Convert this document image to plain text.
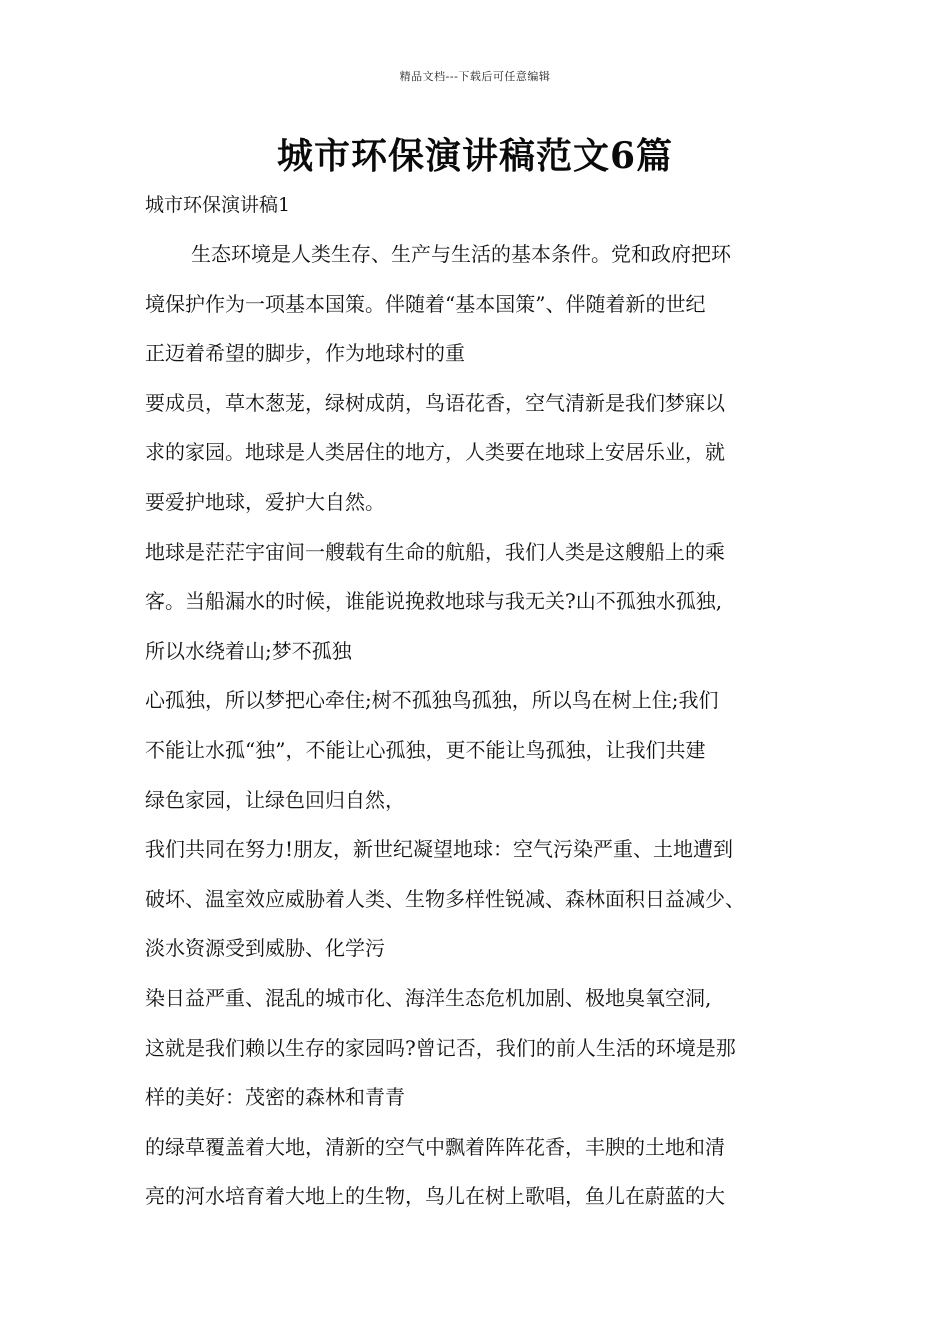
精品文档---下载后可任意编辑
城市环保演讲稿范文6篇
城市环保演讲稿1
生态环境是人类生存、生产与生活的基本条件。党和政府把环
境保护作为一项基本国策。伴随着“基本国策”、伴随着新的世纪
正迈着希望的脚步，作为地球村的重
要成员，草木葱茏，绿树成荫，鸟语花香，空气清新是我们梦寐以
求的家园。地球是人类居住的地方，人类要在地球上安居乐业，就
要爱护地球，爱护大自然。
地球是茫茫宇宙间一艘载有生命的航船，我们人类是这艘船上的乘
客。当船漏水的时候，谁能说挽救地球与我无关?山不孤独水孤独,
所以水绕着山;梦不孤独
心孤独，所以梦把心牵住;树不孤独鸟孤独，所以鸟在树上住;我们
不能让水孤“独”，不能让心孤独，更不能让鸟孤独，让我们共建
绿色家园，让绿色回归自然，
我们共同在努力!朋友，新世纪凝望地球：空气污染严重、土地遭到
破坏、温室效应威胁着人类、生物多样性锐减、森林面积日益减少、
淡水资源受到威胁、化学污
染日益严重、混乱的城市化、海洋生态危机加剧、极地臭氧空洞,
这就是我们赖以生存的家园吗?曾记否，我们的前人生活的环境是那
样的美好：茂密的森林和青青
的绿草覆盖着大地，清新的空气中飘着阵阵花香，丰腴的土地和清
亮的河水培育着大地上的生物，鸟儿在树上歌唱，鱼儿在蔚蓝的大
